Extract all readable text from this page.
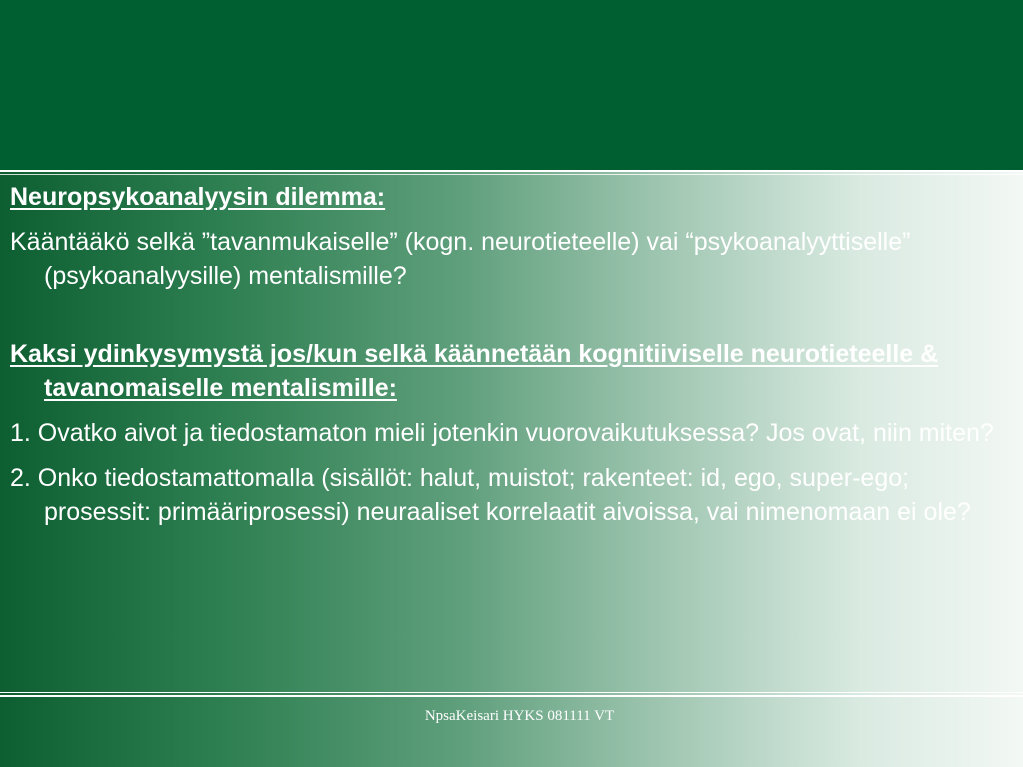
Neuropsykoanalyysin dilemma:
Kääntääkö selkä ”tavanmukaiselle” (kogn. neurotieteelle) vai “psykoanalyyttiselle” (psykoanalyysille) mentalismille?
Kaksi ydinkysymystä jos/kun selkä käännetään kognitiiviselle neurotieteelle & tavanomaiselle mentalismille:
1. Ovatko aivot ja tiedostamaton mieli jotenkin vuorovaikutuksessa? Jos ovat, niin miten?
2. Onko tiedostamattomalla (sisällöt: halut, muistot; rakenteet: id, ego, super-ego; prosessit: primääriprosessi) neuraaliset korrelaatit aivoissa, vai nimenomaan ei ole?
NpsaKeisari HYKS 081111 VT
